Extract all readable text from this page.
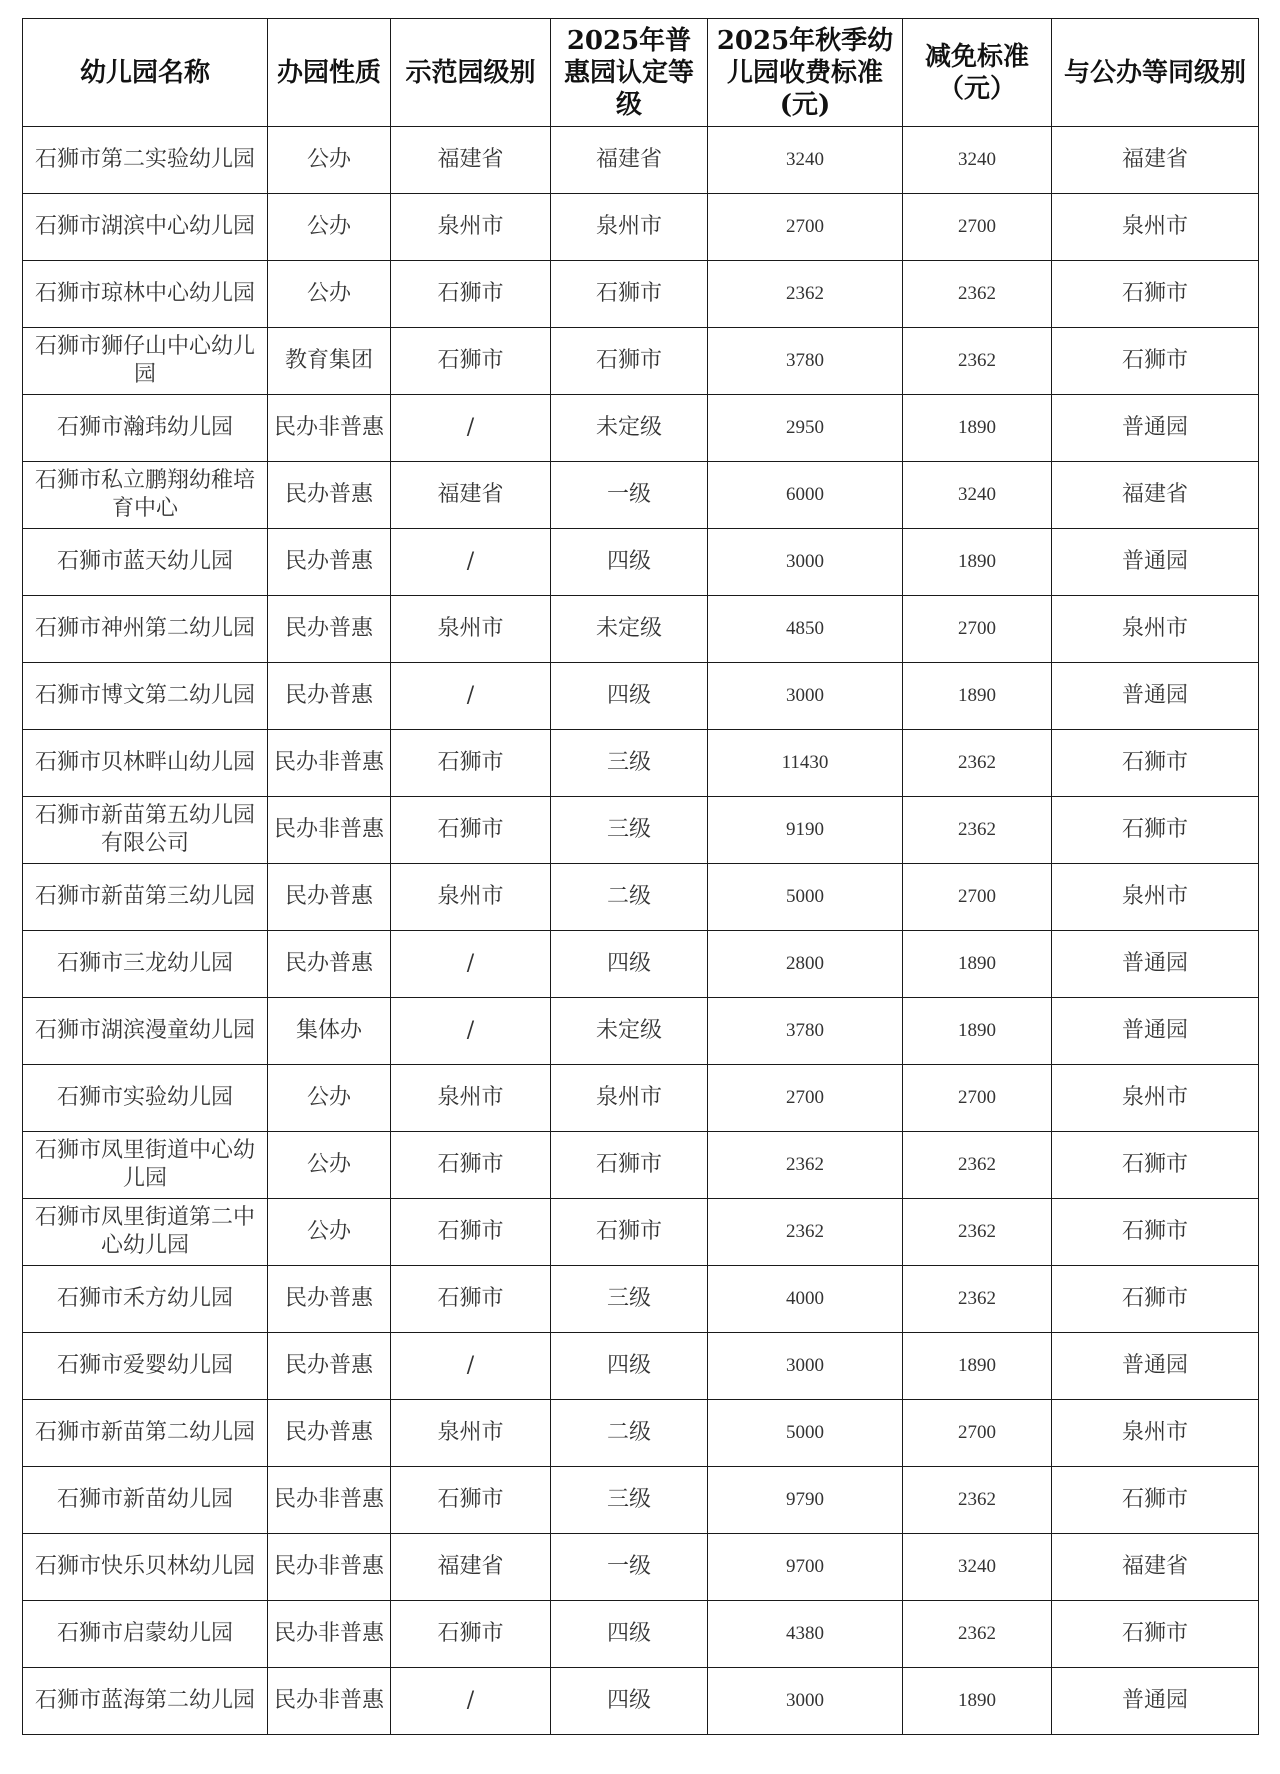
幼儿园名称	办园性质	示范园级别	2025年普惠园认定等级	2025年秋季幼儿园收费标准(元)	减免标准（元）	与公办等同级别
石狮市第二实验幼儿园	公办	福建省	福建省	3240	3240	福建省
石狮市湖滨中心幼儿园	公办	泉州市	泉州市	2700	2700	泉州市
石狮市琼林中心幼儿园	公办	石狮市	石狮市	2362	2362	石狮市
石狮市狮仔山中心幼儿园	教育集团	石狮市	石狮市	3780	2362	石狮市
石狮市瀚玮幼儿园	民办非普惠	/	未定级	2950	1890	普通园
石狮市私立鹏翔幼稚培育中心	民办普惠	福建省	一级	6000	3240	福建省
石狮市蓝天幼儿园	民办普惠	/	四级	3000	1890	普通园
石狮市神州第二幼儿园	民办普惠	泉州市	未定级	4850	2700	泉州市
石狮市博文第二幼儿园	民办普惠	/	四级	3000	1890	普通园
石狮市贝林畔山幼儿园	民办非普惠	石狮市	三级	11430	2362	石狮市
石狮市新苗第五幼儿园有限公司	民办非普惠	石狮市	三级	9190	2362	石狮市
石狮市新苗第三幼儿园	民办普惠	泉州市	二级	5000	2700	泉州市
石狮市三龙幼儿园	民办普惠	/	四级	2800	1890	普通园
石狮市湖滨漫童幼儿园	集体办	/	未定级	3780	1890	普通园
石狮市实验幼儿园	公办	泉州市	泉州市	2700	2700	泉州市
石狮市凤里街道中心幼儿园	公办	石狮市	石狮市	2362	2362	石狮市
石狮市凤里街道第二中心幼儿园	公办	石狮市	石狮市	2362	2362	石狮市
石狮市禾方幼儿园	民办普惠	石狮市	三级	4000	2362	石狮市
石狮市爱婴幼儿园	民办普惠	/	四级	3000	1890	普通园
石狮市新苗第二幼儿园	民办普惠	泉州市	二级	5000	2700	泉州市
石狮市新苗幼儿园	民办非普惠	石狮市	三级	9790	2362	石狮市
石狮市快乐贝林幼儿园	民办非普惠	福建省	一级	9700	3240	福建省
石狮市启蒙幼儿园	民办非普惠	石狮市	四级	4380	2362	石狮市
石狮市蓝海第二幼儿园	民办非普惠	/	四级	3000	1890	普通园
